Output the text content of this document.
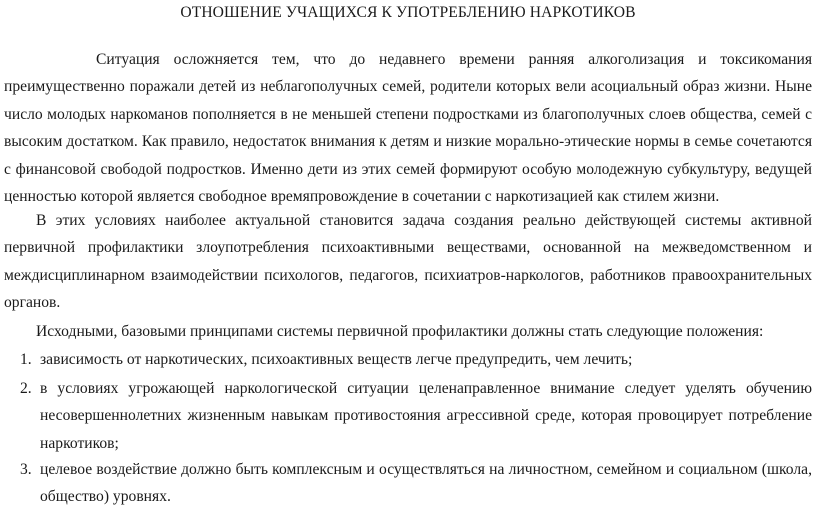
ОТНОШЕНИЕ УЧАЩИХСЯ К УПОТРЕБЛЕНИЮ НАРКОТИКОВ

Ситуация осложняется тем, что до недавнего времени ранняя алкоголизация и токсикомания преимущественно поражали детей из неблагополучных семей, родители которых вели асоциальный образ жизни. Ныне число молодых наркоманов пополняется в не меньшей степени подростками из благополучных слоев общества, семей с высоким достатком. Как правило, недостаток внимания к детям и низкие морально-этические нормы в семье сочетаются с финансовой свободой подростков. Именно дети из этих семей формируют особую молодежную субкультуру, ведущей ценностью которой является свободное времяпровождение в сочетании с наркотизацией как стилем жизни.

В этих условиях наиболее актуальной становится задача создания реально действующей системы активной первичной профилактики злоупотребления психоактивными веществами, основанной на межведомственном и междисциплинарном взаимодействии психологов, педагогов, психиатров-наркологов, работников правоохранительных органов.

Исходными, базовыми принципами системы первичной профилактики должны стать следующие положения:

1. зависимость от наркотических, психоактивных веществ легче предупредить, чем лечить;
2. в условиях угрожающей наркологической ситуации целенаправленное внимание следует уделять обучению несовершеннолетних жизненным навыкам противостояния агрессивной среде, которая провоцирует потребление наркотиков;
3. целевое воздействие должно быть комплексным и осуществляться на личностном, семейном и социальном (школа, общество) уровнях.
